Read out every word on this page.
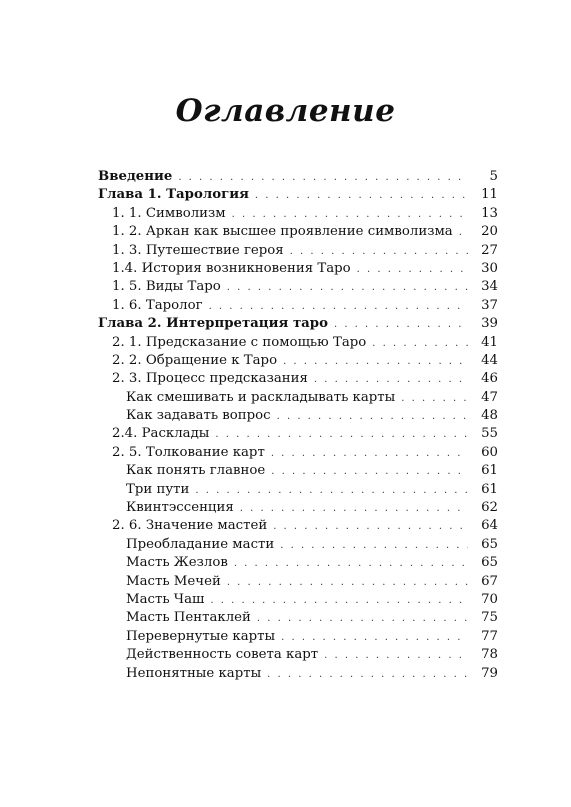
Оглавление
Введение . . .	5
Глава 1. Тарология . . .	11
1. 1. Символизм . . .	13
1. 2. Аркан как высшее проявление символизма . . .	20
1. 3. Путешествие героя . . .	27
1.4. История возникновения Таро . . .	30
1. 5. Виды Таро . . .	34
1. 6. Таролог . . .	37
Глава 2. Интерпретация таро . . .	39
2. 1. Предсказание с помощью Таро . . .	41
2. 2. Обращение к Таро . . .	44
2. 3. Процесс предсказания . . .	46
Как смешивать и раскладывать карты . . .	47
Как задавать вопрос . . .	48
2.4. Расклады . . .	55
2. 5. Толкование карт . . .	60
Как понять главное . . .	61
Три пути . . .	61
Квинтэссенция . . .	62
2. 6. Значение мастей . . .	64
Преобладание масти . . .	65
Масть Жезлов . . .	65
Масть Мечей . . .	67
Масть Чаш . . .	70
Масть Пентаклей . . .	75
Перевернутые карты . . .	77
Действенность совета карт . . .	78
Непонятные карты . . .	79
